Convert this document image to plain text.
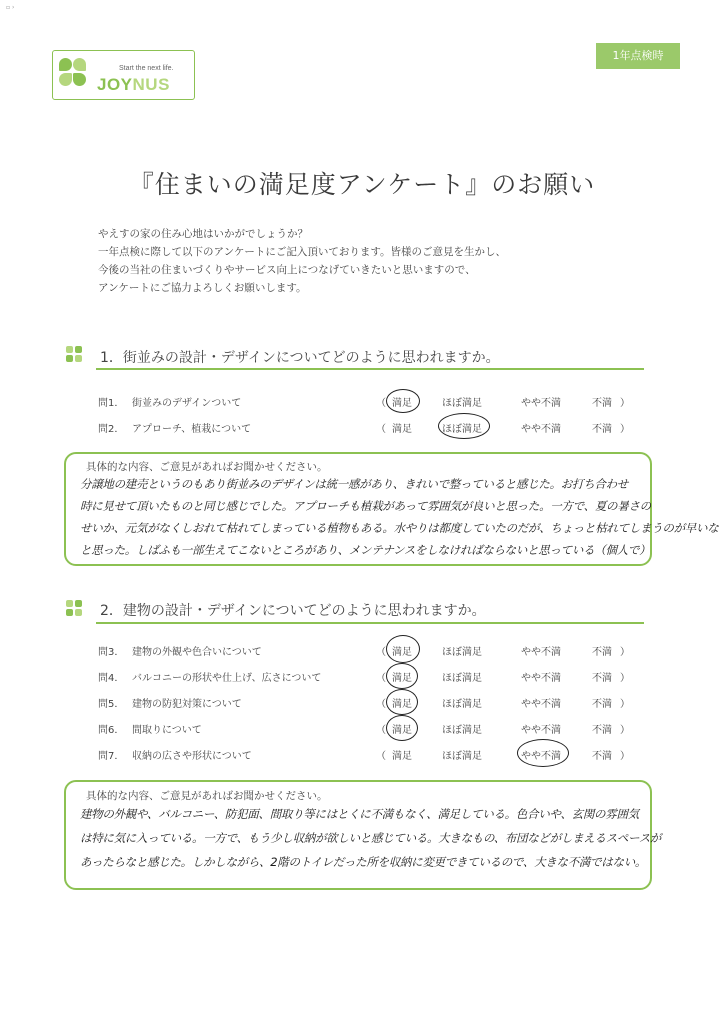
▫ ›
Start the next life.
JOYNUS
1年点検時
『住まいの満足度アンケート』のお願い
やえすの家の住み心地はいかがでしょうか？
一年点検に際して以下のアンケートにご記入頂いております。皆様のご意見を生かし、
今後の当社の住まいづくりやサービス向上につなげていきたいと思いますので、
アンケートにご協力よろしくお願いします。
1．街並みの設計・デザインについてどのように思われますか。
問1． 街並みのデザインついて	（ 満足	ほぼ満足	やや不満	不満 ）
問2． アプローチ、植栽について	（ 満足	ほぼ満足	やや不満	不満 ）
具体的な内容、ご意見があればお聞かせください。
分譲地の建売というのもあり街並みのデザインは統一感があり、きれいで整っていると感じた。お打ち合わせ
時に見せて頂いたものと同じ感じでした。アプローチも植栽があって雰囲気が良いと思った。一方で、夏の暑さの
せいか、元気がなくしおれて枯れてしまっている植物もある。水やりは都度していたのだが、ちょっと枯れてしまうのが早いな
と思った。しばふも一部生えてこないところがあり、メンテナンスをしなければならないと思っている（個人で）
2．建物の設計・デザインについてどのように思われますか。
問3． 建物の外観や色合いについて	（ 満足	ほぼ満足	やや不満	不満 ）
問4． バルコニーの形状や仕上げ、広さについて	（ 満足	ほぼ満足	やや不満	不満 ）
問5． 建物の防犯対策について	（ 満足	ほぼ満足	やや不満	不満 ）
問6． 間取りについて	（ 満足	ほぼ満足	やや不満	不満 ）
問7． 収納の広さや形状について	（ 満足	ほぼ満足	やや不満	不満 ）
具体的な内容、ご意見があればお聞かせください。
建物の外観や、バルコニー、防犯面、間取り等にはとくに不満もなく、満足している。色合いや、玄関の雰囲気
は特に気に入っている。一方で、もう少し収納が欲しいと感じている。大きなもの、布団などがしまえるスペースが
あったらなと感じた。しかしながら、2階のトイレだった所を収納に変更できているので、大きな不満ではない。
